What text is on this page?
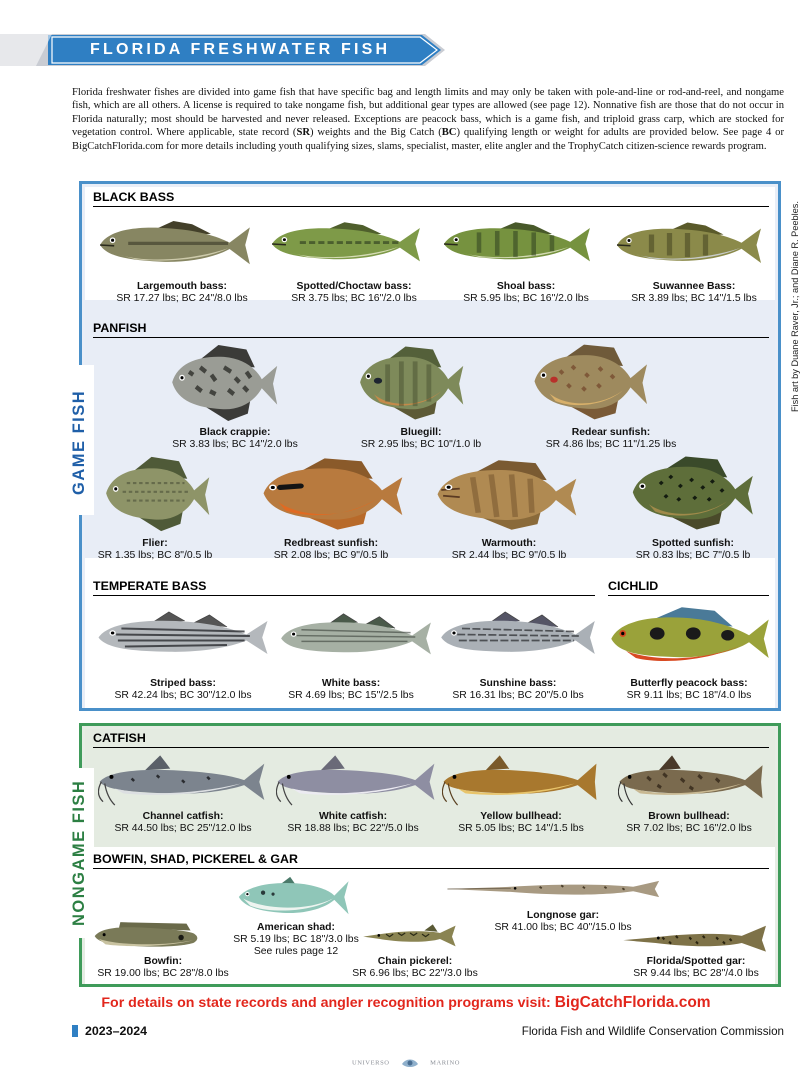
FLORIDA FRESHWATER FISH
Florida freshwater fishes are divided into game fish that have specific bag and length limits and may only be taken with pole-and-line or rod-and-reel, and nongame fish, which are all others. A license is required to take nongame fish, but additional gear types are allowed (see page 12). Nonnative fish are those that do not occur in Florida naturally; most should be harvested and never released. Exceptions are peacock bass, which is a game fish, and triploid grass carp, which are stocked for vegetation control. Where applicable, state record (SR) weights and the Big Catch (BC) qualifying length or weight for adults are provided below. See page 4 or BigCatchFlorida.com for more details including youth qualifying sizes, slams, specialist, master, elite angler and the TrophyCatch citizen-science rewards program.
Fish art by Duane Raver, Jr.; and Diane R. Peebles.
GAME FISH
NONGAME FISH
BLACK BASS
PANFISH
TEMPERATE BASS	CICHLID
CATFISH
BOWFIN, SHAD, PICKEREL & GAR
Largemouth bass:
SR 17.27 lbs; BC 24"/8.0 lbs
Spotted/Choctaw bass:
SR 3.75 lbs; BC 16"/2.0 lbs
Shoal bass:
SR 5.95 lbs; BC 16"/2.0 lbs
Suwannee Bass:
SR 3.89 lbs; BC 14"/1.5 lbs
Black crappie:
SR 3.83 lbs; BC 14"/2.0 lbs
Bluegill:
SR 2.95 lbs; BC 10"/1.0 lb
Redear sunfish:
SR 4.86 lbs; BC 11"/1.25 lbs
Flier:
SR 1.35 lbs; BC 8"/0.5 lb
Redbreast sunfish:
SR 2.08 lbs; BC 9"/0.5 lb
Warmouth:
SR 2.44 lbs; BC 9"/0.5 lb
Spotted sunfish:
SR 0.83 lbs; BC 7"/0.5 lb
Striped bass:
SR 42.24 lbs; BC 30"/12.0 lbs
White bass:
SR 4.69 lbs; BC 15"/2.5 lbs
Sunshine bass:
SR 16.31 lbs; BC 20"/5.0 lbs
Butterfly peacock bass:
SR 9.11 lbs; BC 18"/4.0 lbs
Channel catfish:
SR 44.50 lbs; BC 25"/12.0 lbs
White catfish:
SR 18.88 lbs; BC 22"/5.0 lbs
Yellow bullhead:
SR 5.05 lbs; BC 14"/1.5 lbs
Brown bullhead:
SR 7.02 lbs; BC 16"/2.0 lbs
American shad:
SR 5.19 lbs; BC 18"/3.0 lbs
See rules page 12
Longnose gar:
SR 41.00 lbs; BC 40"/15.0 lbs
Bowfin:
SR 19.00 lbs; BC 28"/8.0 lbs
Chain pickerel:
SR 6.96 lbs; BC 22"/3.0 lbs
Florida/Spotted gar:
SR 9.44 lbs; BC 28"/4.0 lbs
For details on state records and angler recognition programs visit: BigCatchFlorida.com
2023–2024	Florida Fish and Wildlife Conservation Commission
UNIVERSO	MARINO
